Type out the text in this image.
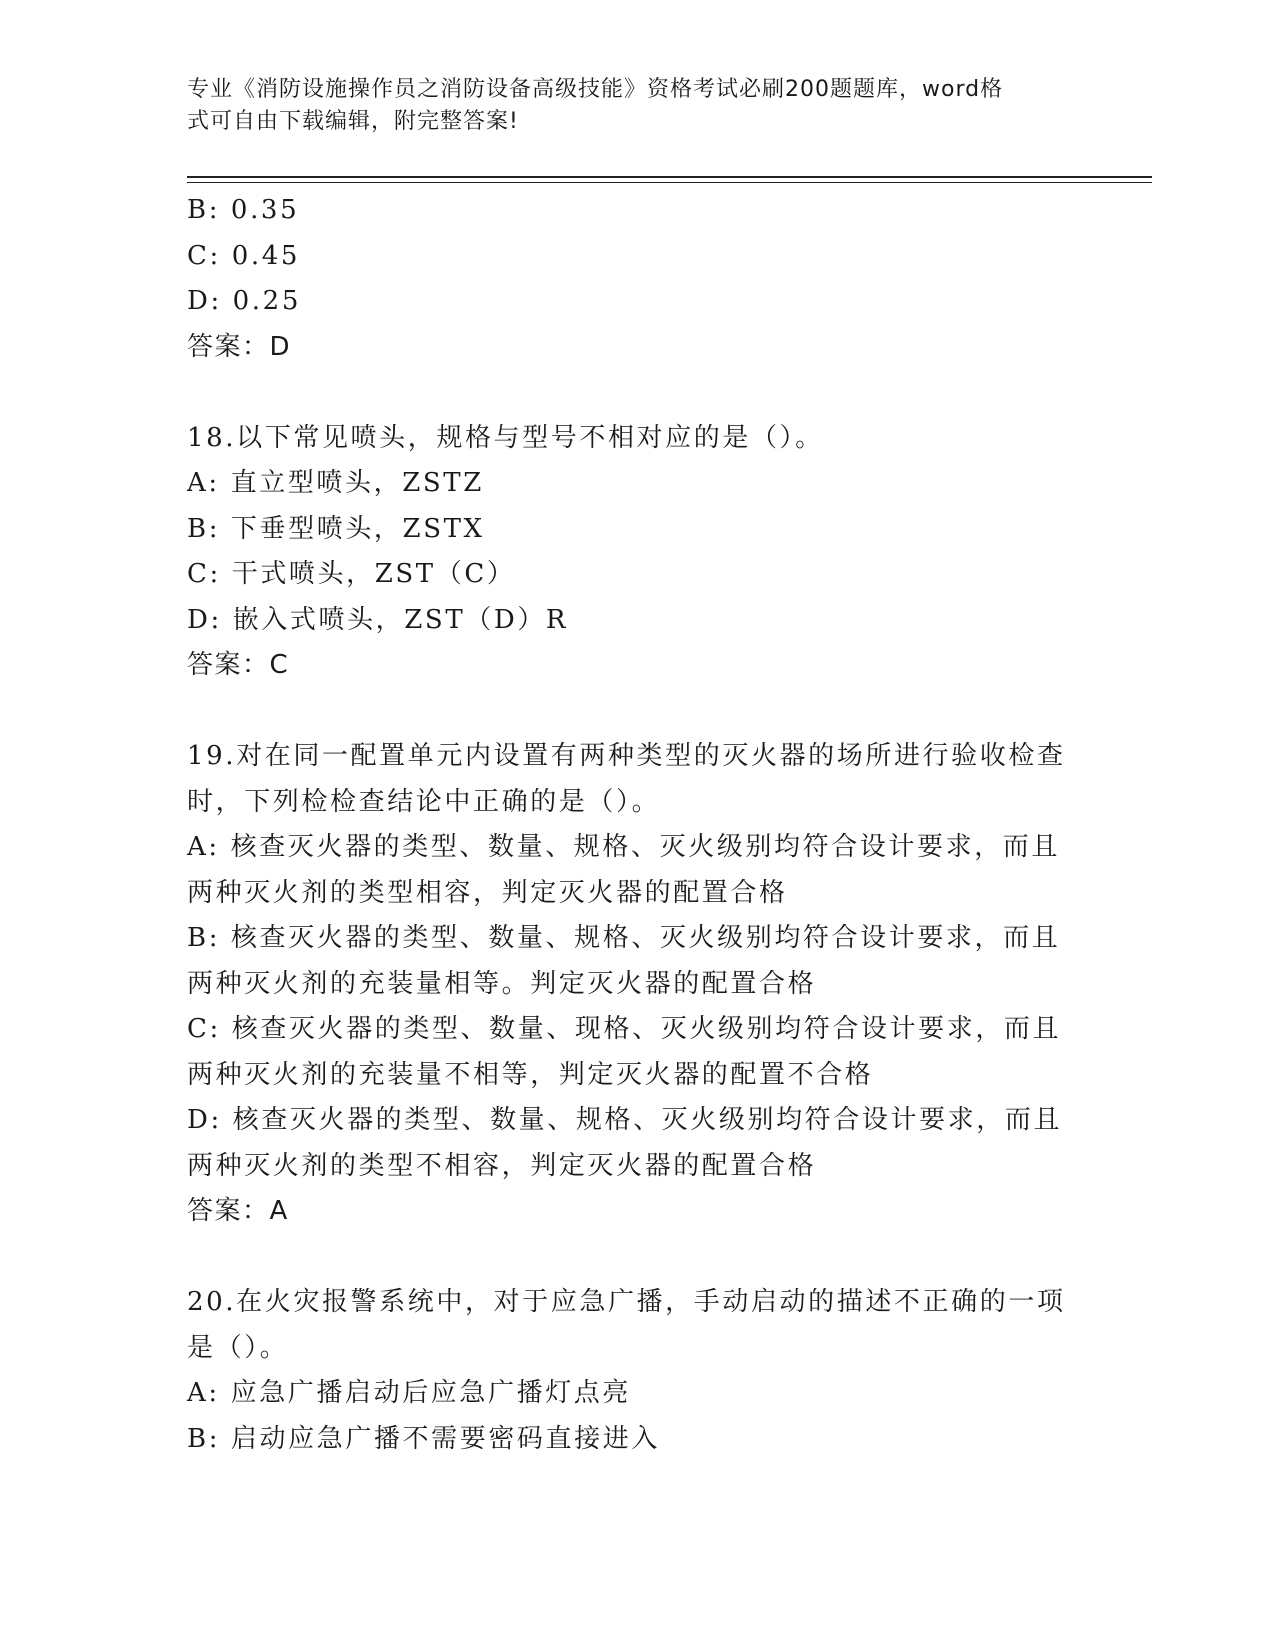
专业《消防设施操作员之消防设备高级技能》资格考试必刷200题题库，word格
式可自由下载编辑，附完整答案!
B: 0.35
C: 0.45
D: 0.25
答案：D
18.以下常见喷头，规格与型号不相对应的是（）。
A: 直立型喷头，ZSTZ
B: 下垂型喷头，ZSTX
C: 干式喷头，ZST（C）
D: 嵌入式喷头，ZST（D）R
答案：C
19.对在同一配置单元内设置有两种类型的灭火器的场所进行验收检查
时，下列检检查结论中正确的是（）。
A: 核查灭火器的类型、数量、规格、灭火级别均符合设计要求，而且
两种灭火剂的类型相容，判定灭火器的配置合格
B: 核查灭火器的类型、数量、规格、灭火级别均符合设计要求，而且
两种灭火剂的充装量相等。判定灭火器的配置合格
C: 核查灭火器的类型、数量、现格、灭火级别均符合设计要求，而且
两种灭火剂的充装量不相等，判定灭火器的配置不合格
D: 核查灭火器的类型、数量、规格、灭火级别均符合设计要求，而且
两种灭火剂的类型不相容，判定灭火器的配置合格
答案：A
20.在火灾报警系统中，对于应急广播，手动启动的描述不正确的一项
是（）。
A: 应急广播启动后应急广播灯点亮
B: 启动应急广播不需要密码直接进入
